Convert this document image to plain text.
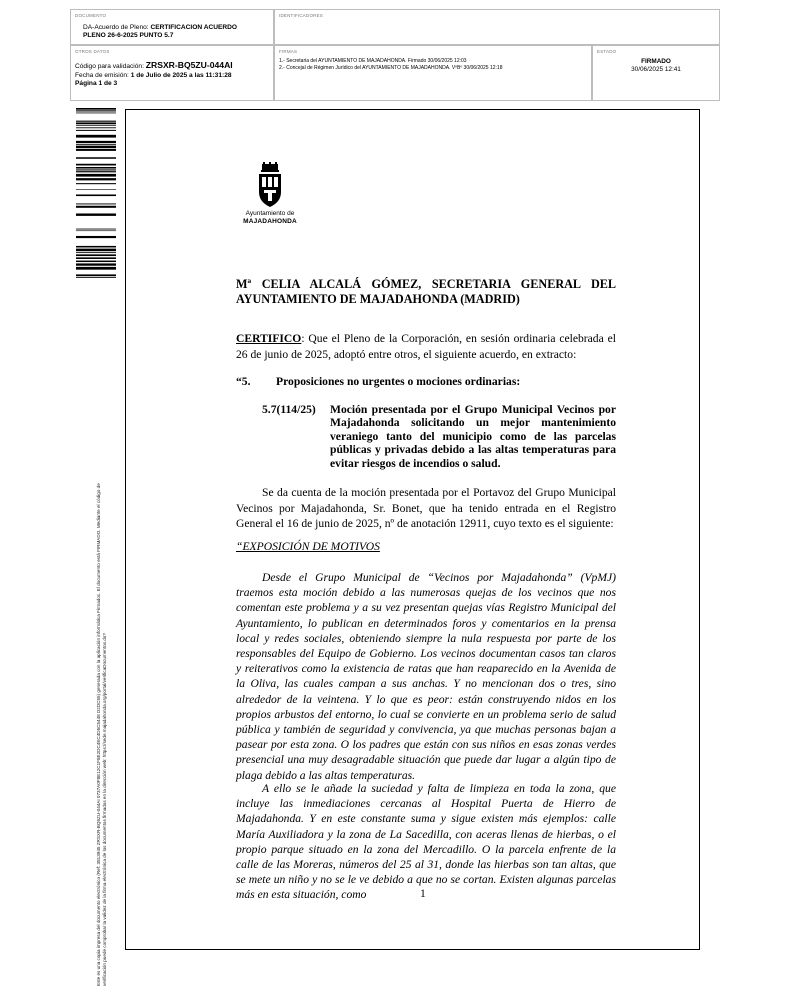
DOCUMENTO
DA-Acuerdo de Pleno: CERTIFICACION ACUERDO
PLENO 26-6-2025 PUNTO 5.7
IDENTIFICADORES
OTROS DATOS
Código para validación: ZRSXR-BQ5ZU-044AI
Fecha de emisión: 1 de Julio de 2025 a las 11:31:28
Página 1 de 3
FIRMAS
1.- Secretaria del AYUNTAMIENTO DE MAJADAHONDA. Firmado 30/06/2025 12:03
2.- Concejal de Régimen Jurídico del AYUNTAMIENTO DE MAJADAHONDA. VºBº 30/06/2025 12:18
ESTADO
FIRMADO
30/06/2025 12:41
Este es una copia impresa del documento electrónico (Ref: 3813945 ZRSXR-BQ5ZU-044AI 0737A0F8E12C1F8E2DC4EC4D5C5448 D2DC55) generada con la aplicación informática Firmadoc. El documento está FIRMADO. Mediante el código de verificación puede comprobar la validez de la firma electrónica de los documentos firmados en la dirección web: https://sede.majadahonda.org/portal/verificaDocumentos.do?
Ayuntamiento de
MAJADAHONDA
Mª CELIA ALCALÁ GÓMEZ, SECRETARIA GENERAL DEL
AYUNTAMIENTO DE MAJADAHONDA (MADRID)
CERTIFICO: Que el Pleno de la Corporación, en sesión ordinaria celebrada el 26 de junio de 2025, adoptó entre otros, el siguiente acuerdo, en extracto:
“5. Proposiciones no urgentes o mociones ordinarias:
5.7(114/25) Moción presentada por el Grupo Municipal Vecinos por Majadahonda solicitando un mejor mantenimiento veraniego tanto del municipio como de las parcelas públicas y privadas debido a las altas temperaturas para evitar riesgos de incendios o salud.
Se da cuenta de la moción presentada por el Portavoz del Grupo Municipal Vecinos por Majadahonda, Sr. Bonet, que ha tenido entrada en el Registro General el 16 de junio de 2025, nº de anotación 12911, cuyo texto es el siguiente:
“EXPOSICIÓN DE MOTIVOS
Desde el Grupo Municipal de “Vecinos por Majadahonda” (VpMJ) traemos esta moción debido a las numerosas quejas de los vecinos que nos comentan este problema y a su vez presentan quejas vías Registro Municipal del Ayuntamiento, lo publican en determinados foros y comentarios en la prensa local y redes sociales, obteniendo siempre la nula respuesta por parte de los responsables del Equipo de Gobierno. Los vecinos documentan casos tan claros y reiterativos como la existencia de ratas que han reaparecido en la Avenida de la Oliva, las cuales campan a sus anchas. Y no mencionan dos o tres, sino alrededor de la veintena. Y lo que es peor: están construyendo nidos en los propios arbustos del entorno, lo cual se convierte en un problema serio de salud pública y también de seguridad y convivencia, ya que muchas personas bajan a pasear por esta zona. O los padres que están con sus niños en esas zonas verdes presencial una muy desagradable situación que puede dar lugar a algún tipo de plaga debido a las altas temperaturas.
A ello se le añade la suciedad y falta de limpieza en toda la zona, que incluye las inmediaciones cercanas al Hospital Puerta de Hierro de Majadahonda. Y en este constante suma y sigue existen más ejemplos: calle María Auxiliadora y la zona de La Sacedilla, con aceras llenas de hierbas, o el propio parque situado en la zona del Mercadillo. O la parcela enfrente de la calle de las Moreras, números del 25 al 31, donde las hierbas son tan altas, que se mete un niño y no se le ve debido a que no se cortan. Existen algunas parcelas más en esta situación, como	1
